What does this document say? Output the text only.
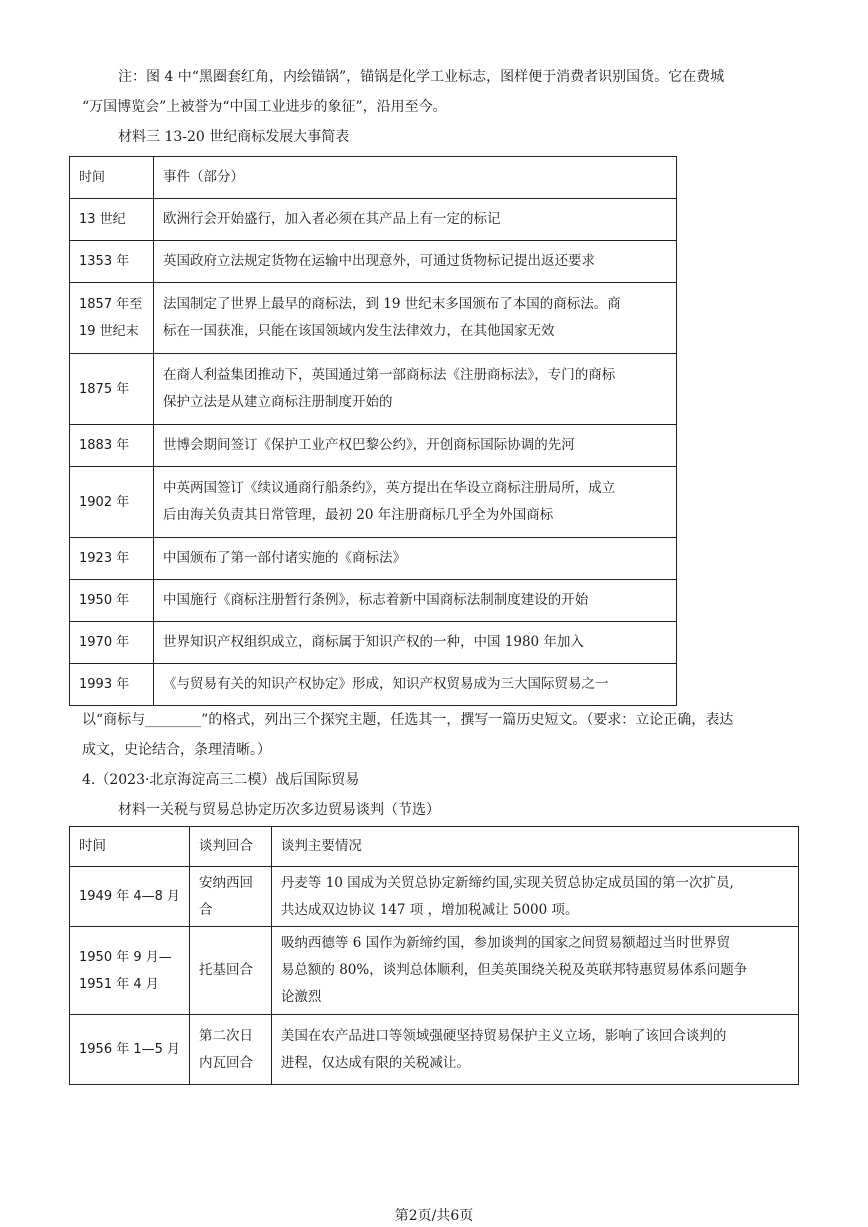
注：图 4 中“黑圈套红角，内绘锚锅”，锚锅是化学工业标志，图样便于消费者识别国货。它在费城
“万国博览会”上被誉为“中国工业进步的象征”，沿用至今。
材料三 13-20 世纪商标发展大事简表
时间	事件（部分）
13 世纪	欧洲行会开始盛行，加入者必须在其产品上有一定的标记
1353 年	英国政府立法规定货物在运输中出现意外，可通过货物标记提出返还要求
1857 年至
19 世纪末	法国制定了世界上最早的商标法，到 19 世纪末多国颁布了本国的商标法。商
标在一国获准，只能在该国领域内发生法律效力，在其他国家无效
1875 年	在商人利益集团推动下，英国通过第一部商标法《注册商标法》，专门的商标
保护立法是从建立商标注册制度开始的
1883 年	世博会期间签订《保护工业产权巴黎公约》，开创商标国际协调的先河
1902 年	中英两国签订《续议通商行船条约》，英方提出在华设立商标注册局所，成立
后由海关负责其日常管理，最初 20 年注册商标几乎全为外国商标
1923 年	中国颁布了第一部付诸实施的《商标法》
1950 年	中国施行《商标注册暂行条例》，标志着新中国商标法制制度建设的开始
1970 年	世界知识产权组织成立，商标属于知识产权的一种，中国 1980 年加入
1993 年	《与贸易有关的知识产权协定》形成，知识产权贸易成为三大国际贸易之一
以“商标与________”的格式，列出三个探究主题，任选其一，撰写一篇历史短文。（要求：立论正确，表达
成文，史论结合，条理清晰。）
4.（2023·北京海淀高三二模）战后国际贸易
材料一关税与贸易总协定历次多边贸易谈判（节选）
时间	谈判回合	谈判主要情况
1949 年 4—8 月	安纳西回
合	丹麦等 10 国成为关贸总协定新缔约国,实现关贸总协定成员国的第一次扩员,
共达成双边协议 147 项 ，增加税减让 5000 项。
1950 年 9 月—
1951 年 4 月	托基回合	吸纳西德等 6 国作为新缔约国，参加谈判的国家之间贸易额超过当时世界贸
易总额的 80%，谈判总体顺利，但美英围绕关税及英联邦特惠贸易体系问题争
论激烈
1956 年 1—5 月	第二次日
内瓦回合	美国在农产品进口等领域强硬坚持贸易保护主义立场，影响了该回合谈判的
进程，仅达成有限的关税减让。
第2页/共6页
